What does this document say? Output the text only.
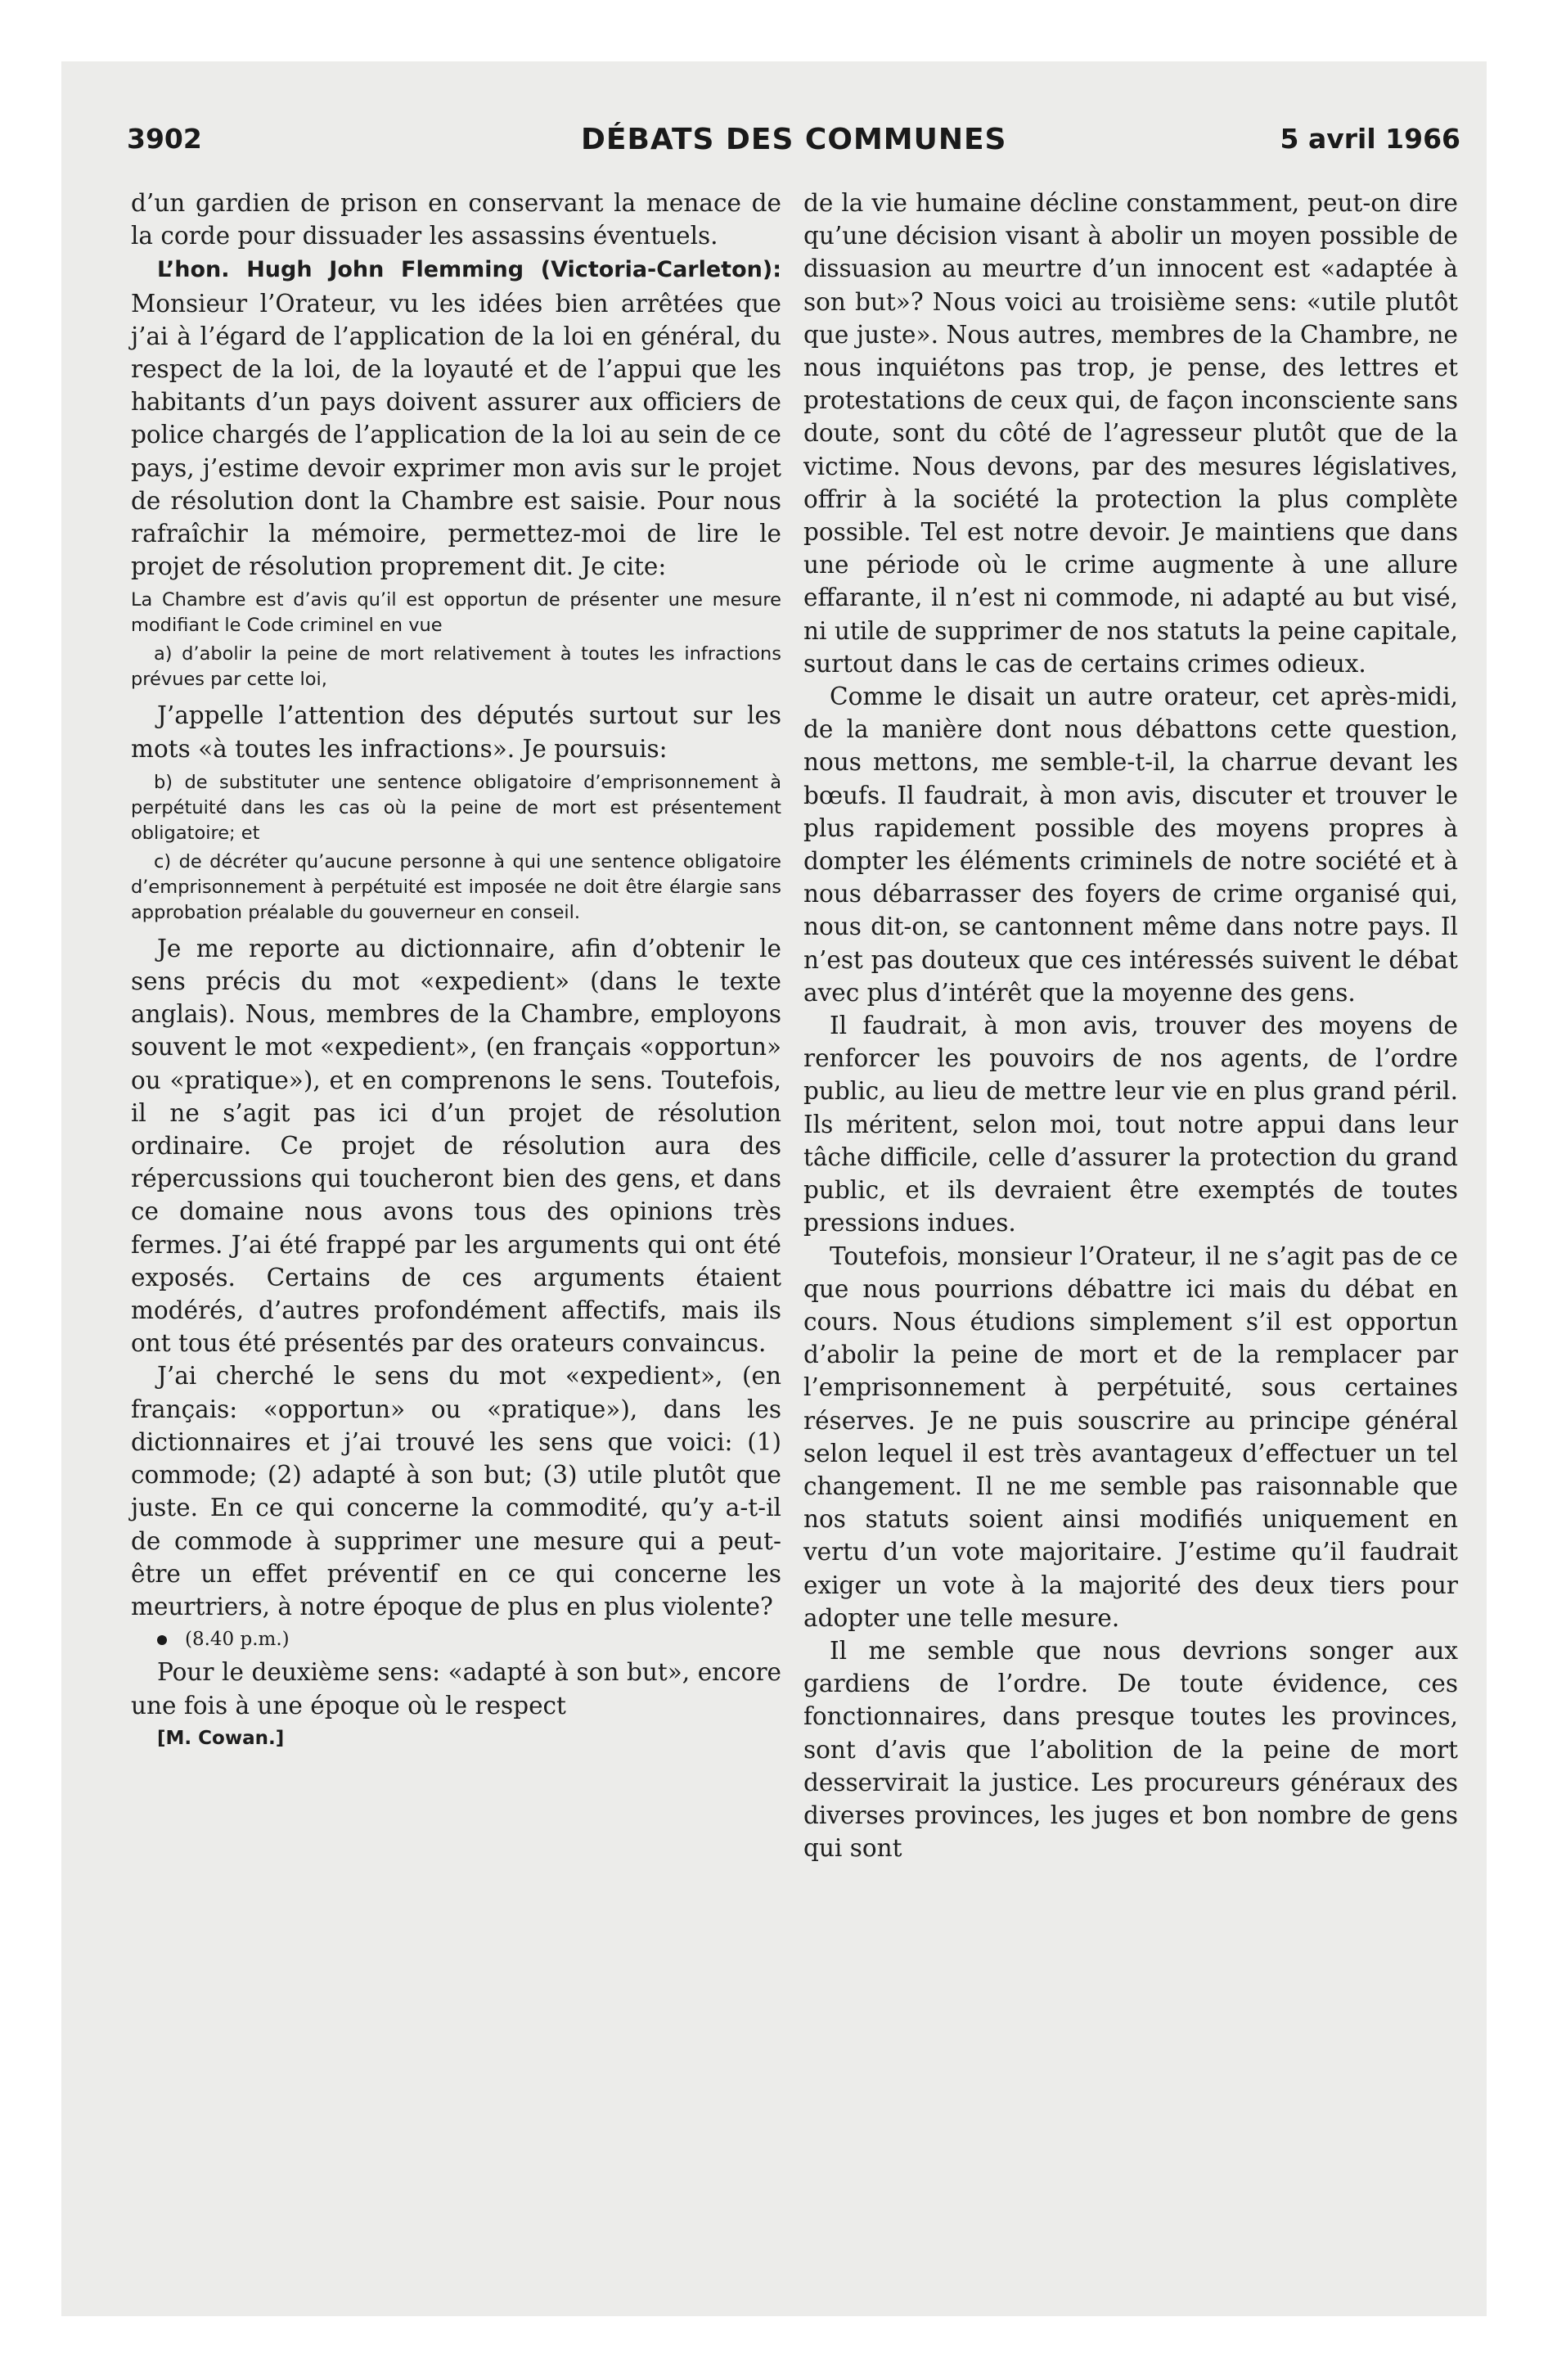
3902	DÉBATS DES COMMUNES	5 avril 1966

d’un gardien de prison en conservant la menace de la corde pour dissuader les assassins éventuels.

L’hon. Hugh John Flemming (Victoria-Carleton): Monsieur l’Orateur, vu les idées bien arrêtées que j’ai à l’égard de l’application de la loi en général, du respect de la loi, de la loyauté et de l’appui que les habitants d’un pays doivent assurer aux officiers de police chargés de l’application de la loi au sein de ce pays, j’estime devoir exprimer mon avis sur le projet de résolution dont la Chambre est saisie. Pour nous rafraîchir la mémoire, permettez-moi de lire le projet de résolution proprement dit. Je cite:

La Chambre est d’avis qu’il est opportun de présenter une mesure modifiant le Code criminel en vue

a) d’abolir la peine de mort relativement à toutes les infractions prévues par cette loi,

J’appelle l’attention des députés surtout sur les mots «à toutes les infractions». Je poursuis:

b) de substituter une sentence obligatoire d’emprisonnement à perpétuité dans les cas où la peine de mort est présentement obligatoire; et

c) de décréter qu’aucune personne à qui une sentence obligatoire d’emprisonnement à perpétuité est imposée ne doit être élargie sans approbation préalable du gouverneur en conseil.

Je me reporte au dictionnaire, afin d’obtenir le sens précis du mot «expedient» (dans le texte anglais). Nous, membres de la Chambre, employons souvent le mot «expedient», (en français «opportun» ou «pratique»), et en comprenons le sens. Toutefois, il ne s’agit pas ici d’un projet de résolution ordinaire. Ce projet de résolution aura des répercussions qui toucheront bien des gens, et dans ce domaine nous avons tous des opinions très fermes. J’ai été frappé par les arguments qui ont été exposés. Certains de ces arguments étaient modérés, d’autres profondément affectifs, mais ils ont tous été présentés par des orateurs convaincus.

J’ai cherché le sens du mot «expedient», (en français: «opportun» ou «pratique»), dans les dictionnaires et j’ai trouvé les sens que voici: (1) commode; (2) adapté à son but; (3) utile plutôt que juste. En ce qui concerne la commodité, qu’y a-t-il de commode à supprimer une mesure qui a peut-être un effet préventif en ce qui concerne les meurtriers, à notre époque de plus en plus violente?

(8.40 p.m.)

Pour le deuxième sens: «adapté à son but», encore une fois à une époque où le respect

[M. Cowan.]

de la vie humaine décline constamment, peut-on dire qu’une décision visant à abolir un moyen possible de dissuasion au meurtre d’un innocent est «adaptée à son but»? Nous voici au troisième sens: «utile plutôt que juste». Nous autres, membres de la Chambre, ne nous inquiétons pas trop, je pense, des lettres et protestations de ceux qui, de façon inconsciente sans doute, sont du côté de l’agresseur plutôt que de la victime. Nous devons, par des mesures législatives, offrir à la société la protection la plus complète possible. Tel est notre devoir. Je maintiens que dans une période où le crime augmente à une allure effarante, il n’est ni commode, ni adapté au but visé, ni utile de supprimer de nos statuts la peine capitale, surtout dans le cas de certains crimes odieux.

Comme le disait un autre orateur, cet après-midi, de la manière dont nous débattons cette question, nous mettons, me semble-t-il, la charrue devant les bœufs. Il faudrait, à mon avis, discuter et trouver le plus rapidement possible des moyens propres à dompter les éléments criminels de notre société et à nous débarrasser des foyers de crime organisé qui, nous dit-on, se cantonnent même dans notre pays. Il n’est pas douteux que ces intéressés suivent le débat avec plus d’intérêt que la moyenne des gens.

Il faudrait, à mon avis, trouver des moyens de renforcer les pouvoirs de nos agents, de l’ordre public, au lieu de mettre leur vie en plus grand péril. Ils méritent, selon moi, tout notre appui dans leur tâche difficile, celle d’assurer la protection du grand public, et ils devraient être exemptés de toutes pressions indues.

Toutefois, monsieur l’Orateur, il ne s’agit pas de ce que nous pourrions débattre ici mais du débat en cours. Nous étudions simplement s’il est opportun d’abolir la peine de mort et de la remplacer par l’emprisonnement à perpétuité, sous certaines réserves. Je ne puis souscrire au principe général selon lequel il est très avantageux d’effectuer un tel changement. Il ne me semble pas raisonnable que nos statuts soient ainsi modifiés uniquement en vertu d’un vote majoritaire. J’estime qu’il faudrait exiger un vote à la majorité des deux tiers pour adopter une telle mesure.

Il me semble que nous devrions songer aux gardiens de l’ordre. De toute évidence, ces fonctionnaires, dans presque toutes les provinces, sont d’avis que l’abolition de la peine de mort desservirait la justice. Les procureurs généraux des diverses provinces, les juges et bon nombre de gens qui sont
